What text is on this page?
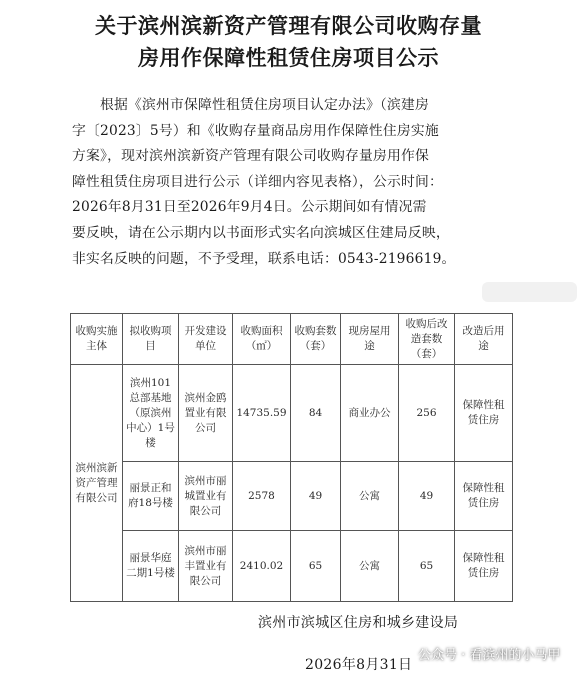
关于滨州滨新资产管理有限公司收购存量
房用作保障性租赁住房项目公示
根据《滨州市保障性租赁住房项目认定办法》（滨建房
字〔2023〕5号）和《收购存量商品房用作保障性住房实施
方案》，现对滨州滨新资产管理有限公司收购存量房用作保
障性租赁住房项目进行公示（详细内容见表格），公示时间：
2026年8月31日至2026年9月4日。公示期间如有情况需
要反映，请在公示期内以书面形式实名向滨城区住建局反映，
非实名反映的问题，不予受理，联系电话：0543-2196619。
收购实施主体	拟收购项目	开发建设单位	收购面积（㎡）	收购套数（套）	现房屋用途	收购后改造套数（套）	改造后用途
滨州滨新资产管理有限公司	滨州101总部基地（原滨州中心）1号楼	滨州金鸥置业有限公司	14735.59	84	商业办公	256	保障性租赁住房
	丽景正和府18号楼	滨州市丽城置业有限公司	2578	49	公寓	49	保障性租赁住房
	丽景华庭二期1号楼	滨州市丽丰置业有限公司	2410.02	65	公寓	65	保障性租赁住房
滨州市滨城区住房和城乡建设局
2026年8月31日
公众号 · 看滨州的小马甲
